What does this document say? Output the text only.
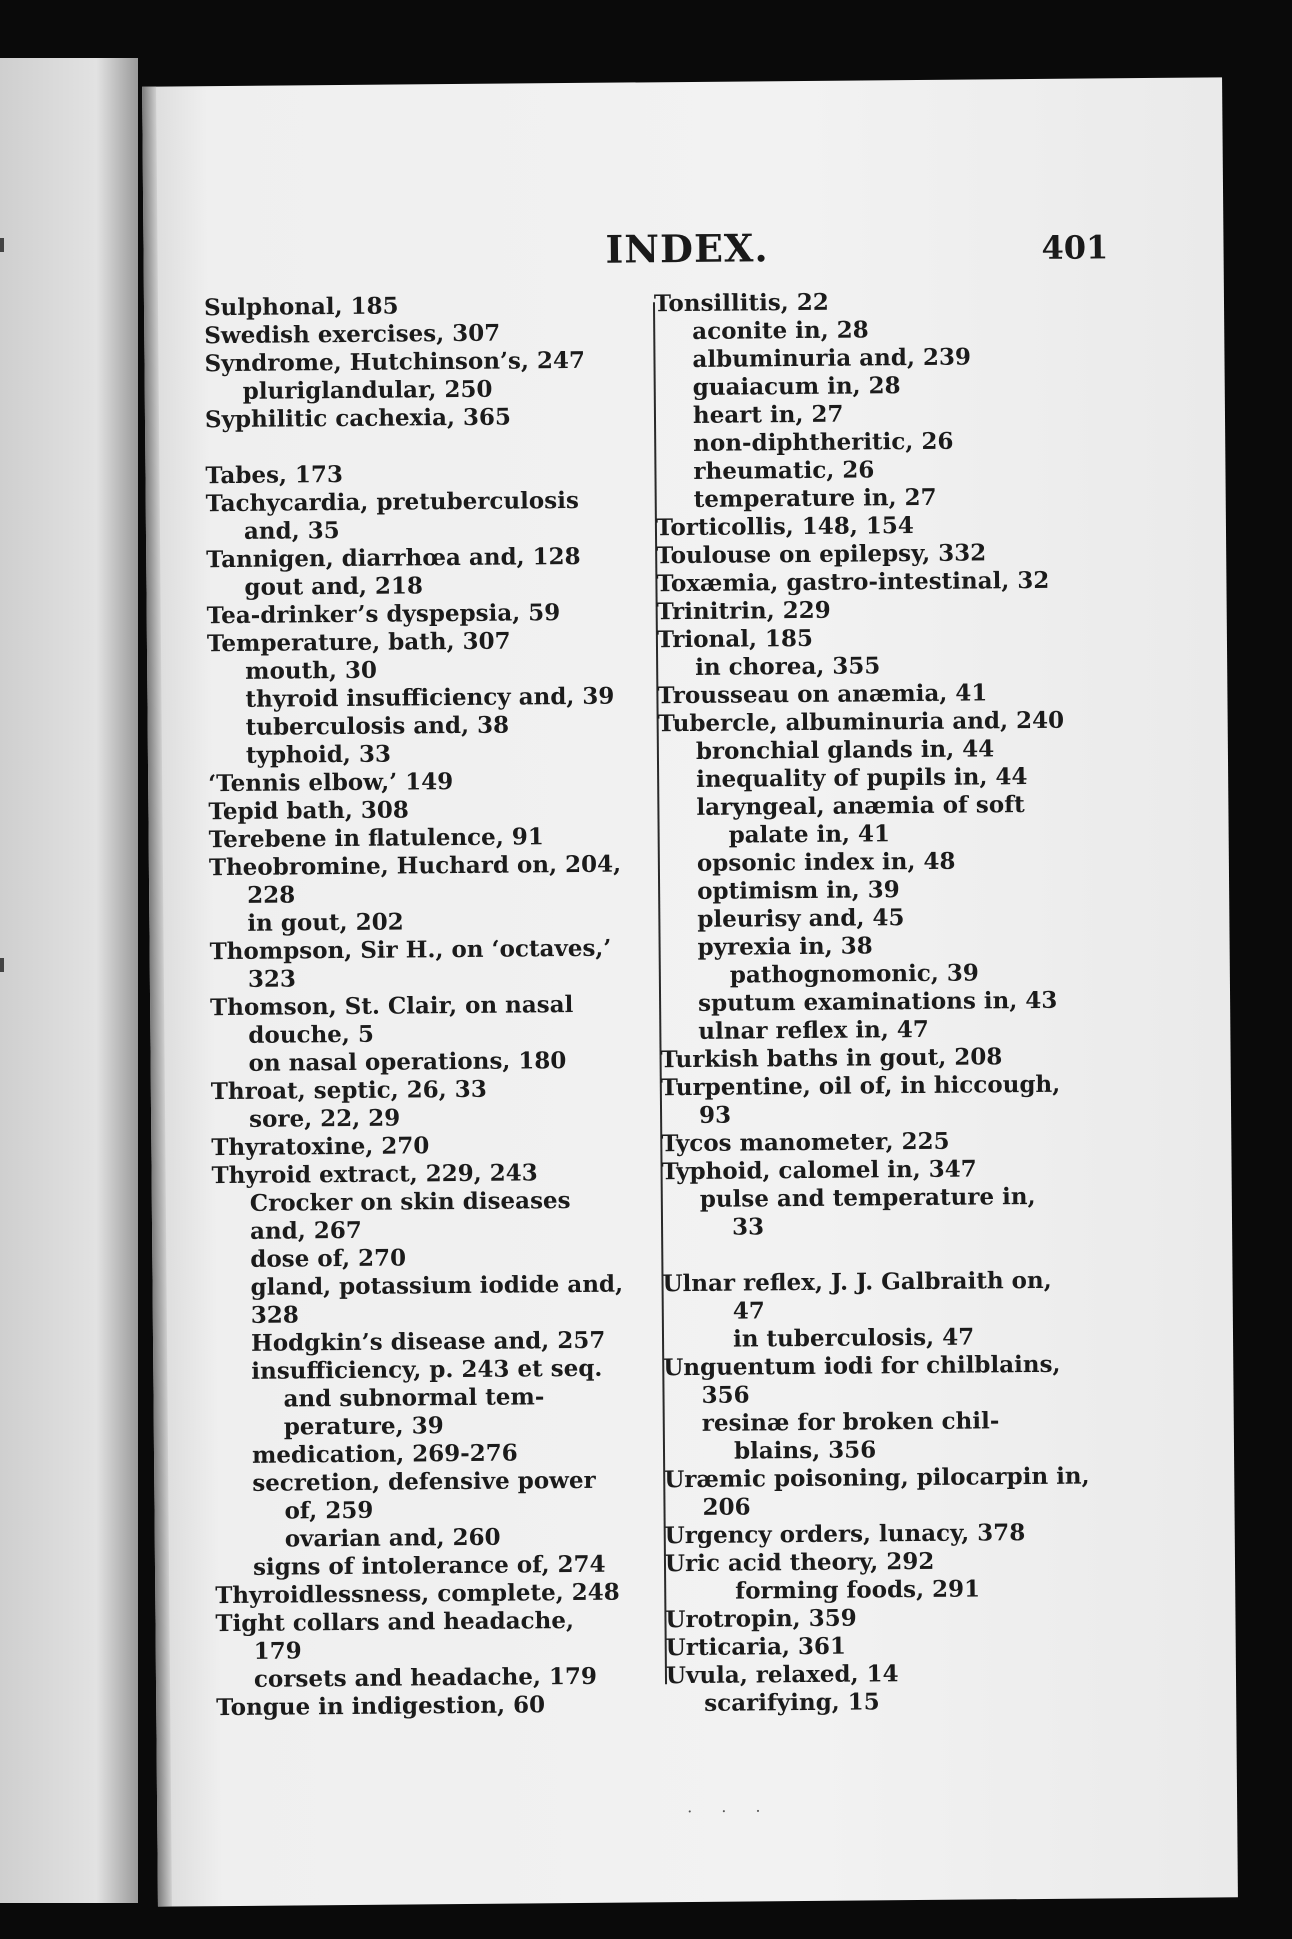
INDEX.	401
Sulphonal, 185
Swedish exercises, 307
Syndrome, Hutchinson’s, 247
pluriglandular, 250
Syphilitic cachexia, 365
Tabes, 173
Tachycardia, pretuberculosis
and, 35
Tannigen, diarrhœa and, 128
gout and, 218
Tea-drinker’s dyspepsia, 59
Temperature, bath, 307
mouth, 30
thyroid insufficiency and, 39
tuberculosis and, 38
typhoid, 33
‘Tennis elbow,’ 149
Tepid bath, 308
Terebene in flatulence, 91
Theobromine, Huchard on, 204,
228
in gout, 202
Thompson, Sir H., on ‘octaves,’
323
Thomson, St. Clair, on nasal
douche, 5
on nasal operations, 180
Throat, septic, 26, 33
sore, 22, 29
Thyratoxine, 270
Thyroid extract, 229, 243
Crocker on skin diseases
and, 267
dose of, 270
gland, potassium iodide and,
328
Hodgkin’s disease and, 257
insufficiency, p. 243 et seq.
and subnormal tem-
perature, 39
medication, 269-276
secretion, defensive power
of, 259
ovarian and, 260
signs of intolerance of, 274
Thyroidlessness, complete, 248
Tight collars and headache,
179
corsets and headache, 179
Tongue in indigestion, 60
Tonsillitis, 22
aconite in, 28
albuminuria and, 239
guaiacum in, 28
heart in, 27
non-diphtheritic, 26
rheumatic, 26
temperature in, 27
Torticollis, 148, 154
Toulouse on epilepsy, 332
Toxæmia, gastro-intestinal, 32
Trinitrin, 229
Trional, 185
in chorea, 355
Trousseau on anæmia, 41
Tubercle, albuminuria and, 240
bronchial glands in, 44
inequality of pupils in, 44
laryngeal, anæmia of soft
palate in, 41
opsonic index in, 48
optimism in, 39
pleurisy and, 45
pyrexia in, 38
pathognomonic, 39
sputum examinations in, 43
ulnar reflex in, 47
Turkish baths in gout, 208
Turpentine, oil of, in hiccough,
93
Tycos manometer, 225
Typhoid, calomel in, 347
pulse and temperature in,
33
Ulnar reflex, J. J. Galbraith on,
47
in tuberculosis, 47
Unguentum iodi for chilblains,
356
resinæ for broken chil-
blains, 356
Uræmic poisoning, pilocarpin in,
206
Urgency orders, lunacy, 378
Uric acid theory, 292
forming foods, 291
Urotropin, 359
Urticaria, 361
Uvula, relaxed, 14
scarifying, 15
· · ·
